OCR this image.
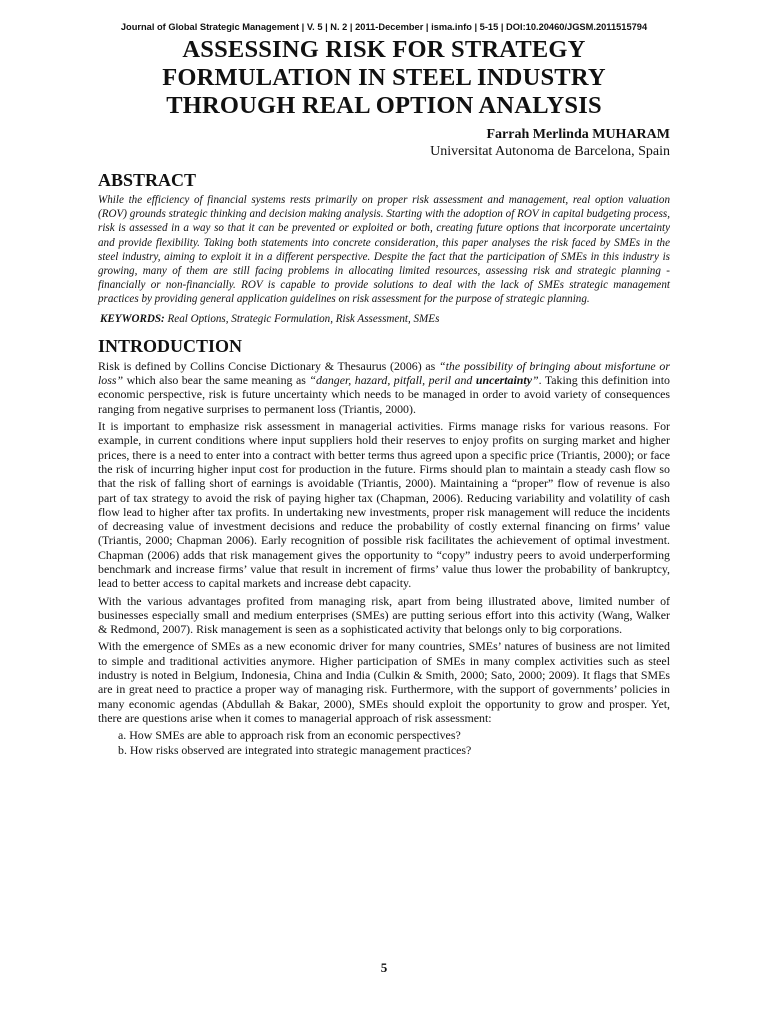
Journal of Global Strategic Management | V. 5 | N. 2 | 2011-December | isma.info | 5-15 | DOI:10.20460/JGSM.2011515794
ASSESSING RISK FOR STRATEGY
FORMULATION IN STEEL INDUSTRY
THROUGH REAL OPTION ANALYSIS
Farrah Merlinda MUHARAM
Universitat Autonoma de Barcelona, Spain
ABSTRACT

While the efficiency of financial systems rests primarily on proper risk assessment and management, real option valuation (ROV) grounds strategic thinking and decision making analysis. Starting with the adoption of ROV in capital budgeting process, risk is assessed in a way so that it can be prevented or exploited or both, creating future options that incorporate uncertainty and provide flexibility. Taking both statements into concrete consideration, this paper analyses the risk faced by SMEs in the steel industry, aiming to exploit it in a different perspective. Despite the fact that the participation of SMEs in this industry is growing, many of them are still facing problems in allocating limited resources, assessing risk and strategic planning - financially or non-financially. ROV is capable to provide solutions to deal with the lack of SMEs strategic management practices by providing general application guidelines on risk assessment for the purpose of strategic planning.

KEYWORDS: Real Options, Strategic Formulation, Risk Assessment, SMEs
INTRODUCTION

Risk is defined by Collins Concise Dictionary & Thesaurus (2006) as “the possibility of bringing about misfortune or loss” which also bear the same meaning as “danger, hazard, pitfall, peril and uncertainty”. Taking this definition into economic perspective, risk is future uncertainty which needs to be managed in order to avoid variety of consequences ranging from negative surprises to permanent loss (Triantis, 2000).

It is important to emphasize risk assessment in managerial activities. Firms manage risks for various reasons. For example, in current conditions where input suppliers hold their reserves to enjoy profits on surging market and higher prices, there is a need to enter into a contract with better terms thus agreed upon a specific price (Triantis, 2000); or face the risk of incurring higher input cost for production in the future. Firms should plan to maintain a steady cash flow so that the risk of falling short of earnings is avoidable (Triantis, 2000). Maintaining a “proper” flow of revenue is also part of tax strategy to avoid the risk of paying higher tax (Chapman, 2006). Reducing variability and volatility of cash flow lead to higher after tax profits. In undertaking new investments, proper risk management will reduce the incidents of decreasing value of investment decisions and reduce the probability of costly external financing on firms’ value (Triantis, 2000; Chapman 2006). Early recognition of possible risk facilitates the achievement of optimal investment. Chapman (2006) adds that risk management gives the opportunity to “copy” industry peers to avoid underperforming benchmark and increase firms’ value that result in increment of firms’ value thus lower the probability of bankruptcy, lead to better access to capital markets and increase debt capacity.

With the various advantages profited from managing risk, apart from being illustrated above, limited number of businesses especially small and medium enterprises (SMEs) are putting serious effort into this activity (Wang, Walker & Redmond, 2007). Risk management is seen as a sophisticated activity that belongs only to big corporations.

With the emergence of SMEs as a new economic driver for many countries, SMEs’ natures of business are not limited to simple and traditional activities anymore. Higher participation of SMEs in many complex activities such as steel industry is noted in Belgium, Indonesia, China and India (Culkin & Smith, 2000; Sato, 2000; 2009). It flags that SMEs are in great need to practice a proper way of managing risk. Furthermore, with the support of governments’ policies in many economic agendas (Abdullah & Bakar, 2000), SMEs should exploit the opportunity to grow and prosper. Yet, there are questions arise when it comes to managerial approach of risk assessment:

a. How SMEs are able to approach risk from an economic perspectives?
b. How risks observed are integrated into strategic management practices?
5
